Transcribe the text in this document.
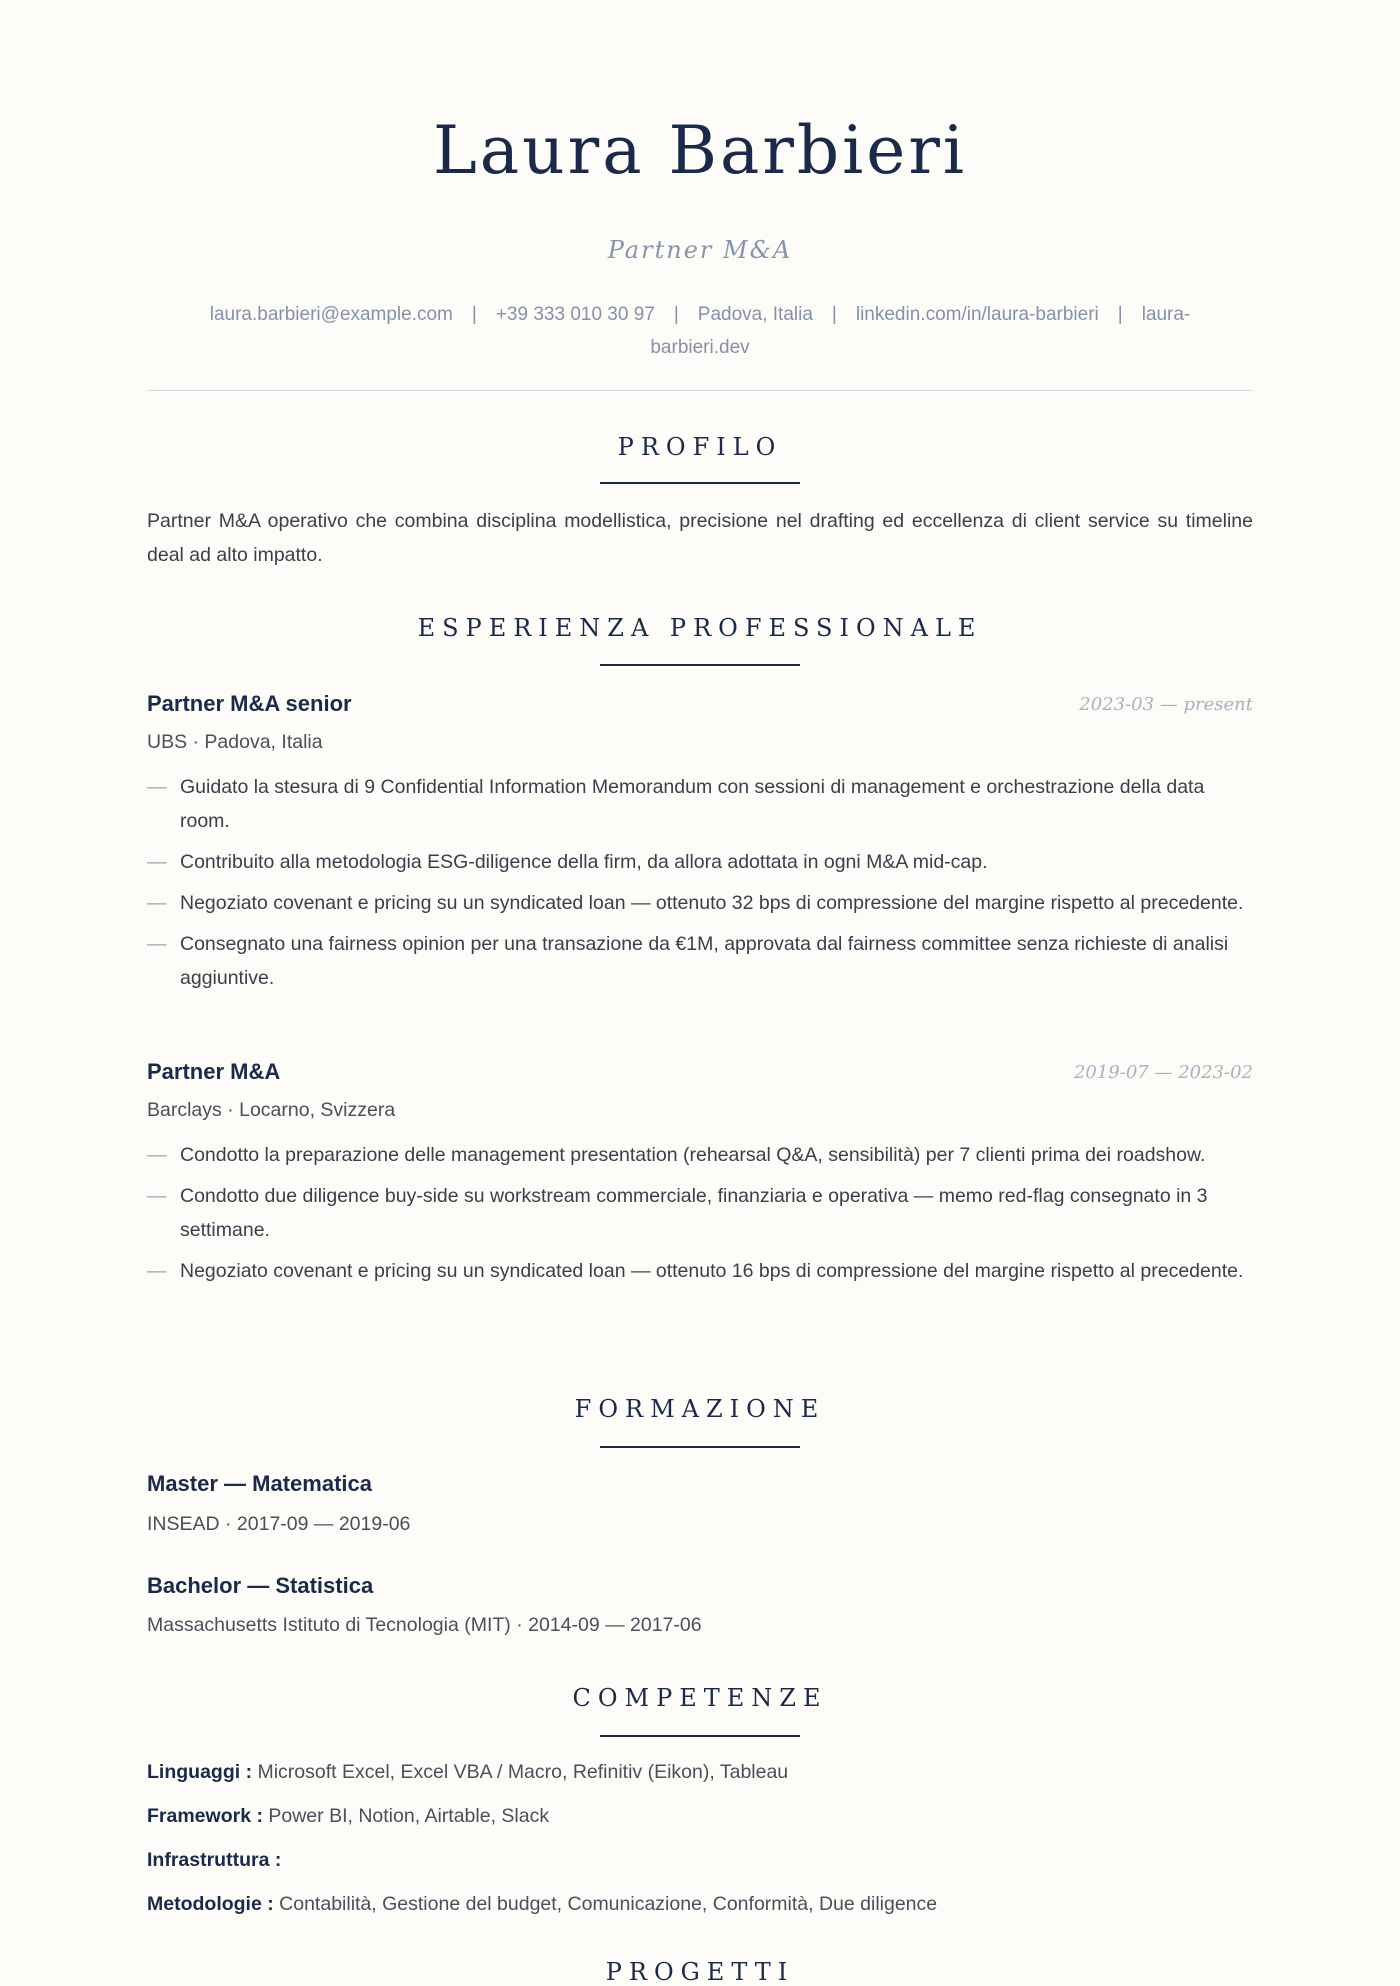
Laura Barbieri
Partner M&A
laura.barbieri@example.com | +39 333 010 30 97 | Padova, Italia | linkedin.com/in/laura-barbieri | laura-
barbieri.dev
PROFILO
Partner M&A operativo che combina disciplina modellistica, precisione nel drafting ed eccellenza di client service su timeline deal ad alto impatto.
ESPERIENZA PROFESSIONALE
Partner M&A senior	2023-03 — present
UBS · Padova, Italia
— Guidato la stesura di 9 Confidential Information Memorandum con sessioni di management e orchestrazione della data room.
— Contribuito alla metodologia ESG-diligence della firm, da allora adottata in ogni M&A mid-cap.
— Negoziato covenant e pricing su un syndicated loan — ottenuto 32 bps di compressione del margine rispetto al precedente.
— Consegnato una fairness opinion per una transazione da €1M, approvata dal fairness committee senza richieste di analisi aggiuntive.
Partner M&A	2019-07 — 2023-02
Barclays · Locarno, Svizzera
— Condotto la preparazione delle management presentation (rehearsal Q&A, sensibilità) per 7 clienti prima dei roadshow.
— Condotto due diligence buy-side su workstream commerciale, finanziaria e operativa — memo red-flag consegnato in 3 settimane.
— Negoziato covenant e pricing su un syndicated loan — ottenuto 16 bps di compressione del margine rispetto al precedente.
FORMAZIONE
Master — Matematica
INSEAD · 2017-09 — 2019-06
Bachelor — Statistica
Massachusetts Istituto di Tecnologia (MIT) · 2014-09 — 2017-06
COMPETENZE
Linguaggi : Microsoft Excel, Excel VBA / Macro, Refinitiv (Eikon), Tableau
Framework : Power BI, Notion, Airtable, Slack
Infrastruttura :
Metodologie : Contabilità, Gestione del budget, Comunicazione, Conformità, Due diligence
PROGETTI
